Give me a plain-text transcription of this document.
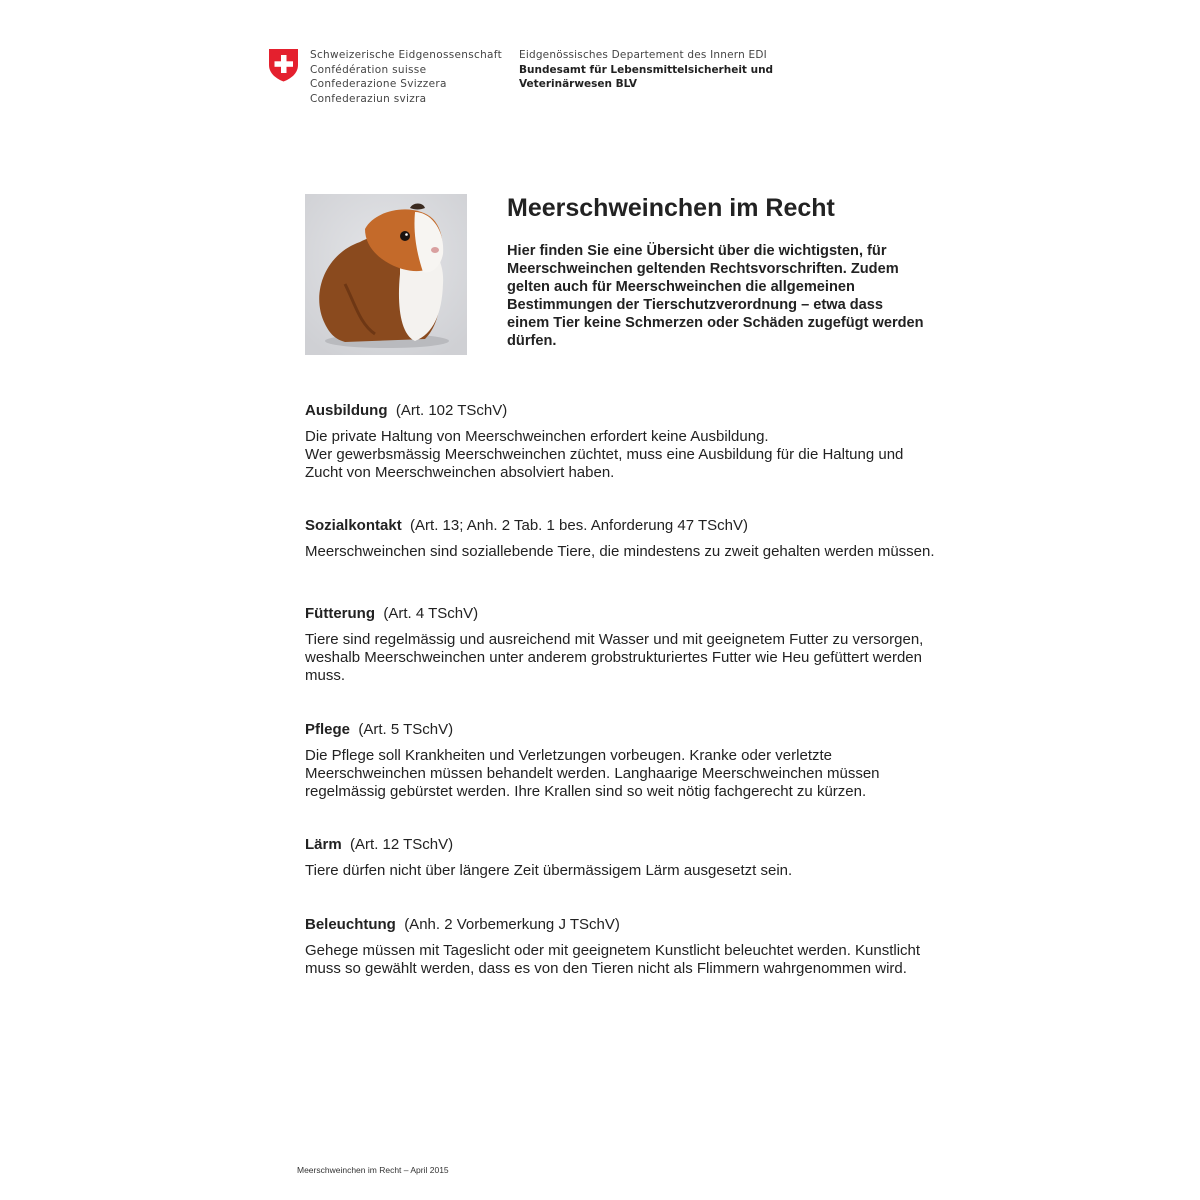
Schweizerische Eidgenossenschaft
Confédération suisse
Confederazione Svizzera
Confederaziun svizra
Eidgenössisches Departement des Innern EDI
Bundesamt für Lebensmittelsicherheit und
Veterinärwesen BLV
Meerschweinchen im Recht
Hier finden Sie eine Übersicht über die wichtigsten, für Meerschweinchen geltenden Rechtsvorschriften. Zudem gelten auch für Meerschweinchen die allgemeinen Bestimmungen der Tierschutzverordnung – etwa dass einem Tier keine Schmerzen oder Schäden zugefügt werden dürfen.
Ausbildung (Art. 102 TSchV)

Die private Haltung von Meerschweinchen erfordert keine Ausbildung.
Wer gewerbsmässig Meerschweinchen züchtet, muss eine Ausbildung für die Haltung und Zucht von Meerschweinchen absolviert haben.

Sozialkontakt (Art. 13; Anh. 2 Tab. 1 bes. Anforderung 47 TSchV)

Meerschweinchen sind soziallebende Tiere, die mindestens zu zweit gehalten werden müssen.

Fütterung (Art. 4 TSchV)

Tiere sind regelmässig und ausreichend mit Wasser und mit geeignetem Futter zu versorgen, weshalb Meerschweinchen unter anderem grobstrukturiertes Futter wie Heu gefüttert werden muss.

Pflege (Art. 5 TSchV)

Die Pflege soll Krankheiten und Verletzungen vorbeugen. Kranke oder verletzte Meerschweinchen müssen behandelt werden. Langhaarige Meerschweinchen müssen regelmässig gebürstet werden. Ihre Krallen sind so weit nötig fachgerecht zu kürzen.

Lärm (Art. 12 TSchV)

Tiere dürfen nicht über längere Zeit übermässigem Lärm ausgesetzt sein.

Beleuchtung (Anh. 2 Vorbemerkung J TSchV)

Gehege müssen mit Tageslicht oder mit geeignetem Kunstlicht beleuchtet werden. Kunstlicht muss so gewählt werden, dass es von den Tieren nicht als Flimmern wahrgenommen wird.

Meerschweinchen im Recht – April 2015
